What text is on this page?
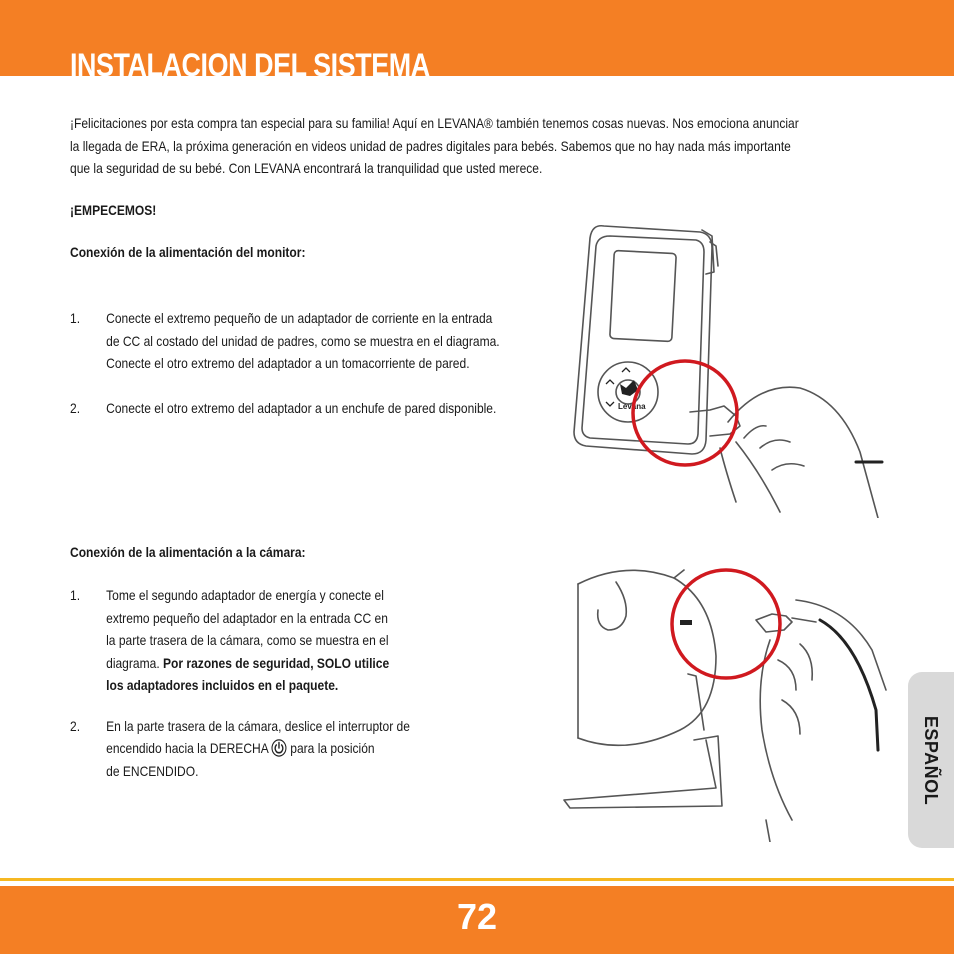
INSTALACION DEL SISTEMA
¡Felicitaciones por esta compra tan especial para su familia! Aquí en LEVANA® también tenemos cosas nuevas. Nos emociona anunciar
la llegada de ERA, la próxima generación en videos unidad de padres digitales para bebés. Sabemos que no hay nada más importante
que la seguridad de su bebé. Con LEVANA encontrará la tranquilidad que usted merece.
¡EMPECEMOS!
Conexión de la alimentación del monitor:
1. Conecte el extremo pequeño de un adaptador de corriente en la entrada
de CC al costado del unidad de padres, como se muestra en el diagrama.
Conecte el otro extremo del adaptador a un tomacorriente de pared.
2. Conecte el otro extremo del adaptador a un enchufe de pared disponible.	Levana
Conexión de la alimentación a la cámara:
1. Tome el segundo adaptador de energía y conecte el
extremo pequeño del adaptador en la entrada CC en
la parte trasera de la cámara, como se muestra en el
diagrama. Por razones de seguridad, SOLO utilice
los adaptadores incluidos en el paquete.
2. En la parte trasera de la cámara, deslice el interruptor de
encendido hacia la DERECHA para la posición
de ENCENDIDO.	ESPAÑOL
72
